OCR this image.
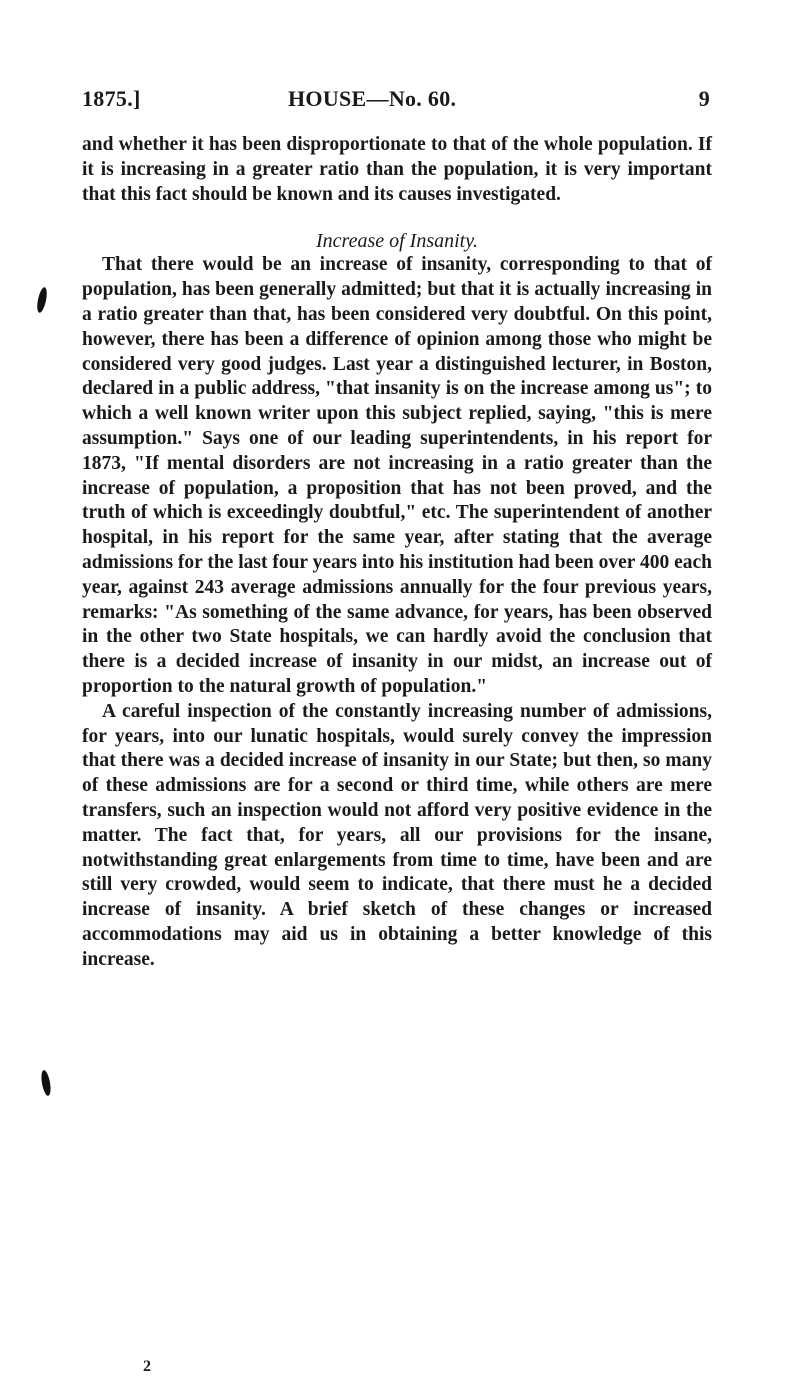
1875.]	HOUSE—No. 60.	9

and whether it has been disproportionate to that of the whole population. If it is increasing in a greater ratio than the population, it is very important that this fact should be known and its causes investigated.

Increase of Insanity.

That there would be an increase of insanity, corresponding to that of population, has been generally admitted; but that it is actually increasing in a ratio greater than that, has been considered very doubtful. On this point, however, there has been a difference of opinion among those who might be considered very good judges. Last year a distinguished lecturer, in Boston, declared in a public address, "that insanity is on the increase among us"; to which a well known writer upon this subject replied, saying, "this is mere assumption." Says one of our leading superintendents, in his report for 1873, "If mental disorders are not increasing in a ratio greater than the increase of population, a proposition that has not been proved, and the truth of which is exceedingly doubtful," etc. The superintendent of another hospital, in his report for the same year, after stating that the average admissions for the last four years into his institution had been over 400 each year, against 243 average admissions annually for the four previous years, remarks: "As something of the same advance, for years, has been observed in the other two State hospitals, we can hardly avoid the conclusion that there is a decided increase of insanity in our midst, an increase out of proportion to the natural growth of population."

A careful inspection of the constantly increasing number of admissions, for years, into our lunatic hospitals, would surely convey the impression that there was a decided increase of insanity in our State; but then, so many of these admissions are for a second or third time, while others are mere transfers, such an inspection would not afford very positive evidence in the matter. The fact that, for years, all our provisions for the insane, notwithstanding great enlargements from time to time, have been and are still very crowded, would seem to indicate, that there must he a decided increase of insanity. A brief sketch of these changes or increased accommodations may aid us in obtaining a better knowledge of this increase.

2
